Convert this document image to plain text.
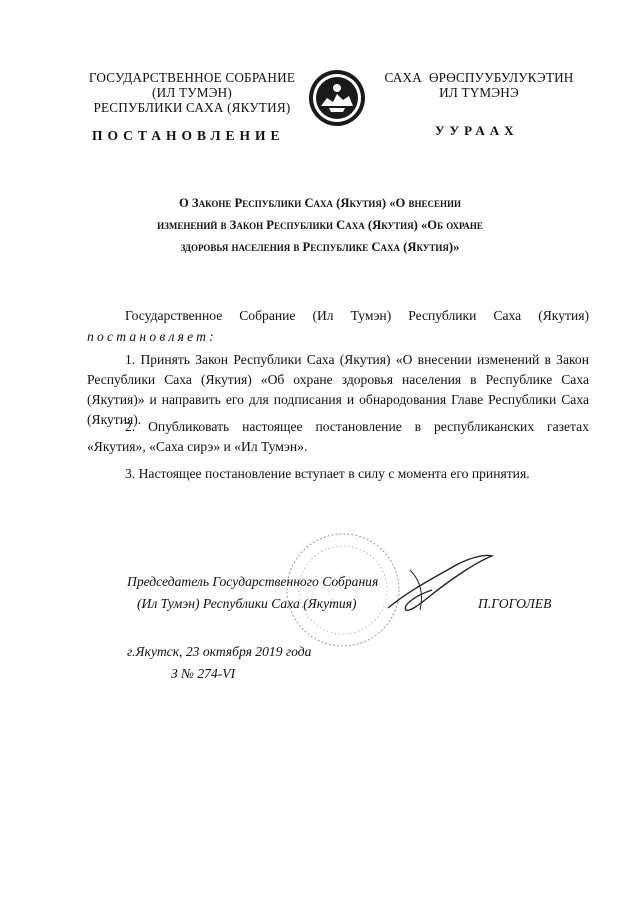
ГОСУДАРСТВЕННОЕ СОБРАНИЕ
(ИЛ ТУМЭН)
РЕСПУБЛИКИ САХА (ЯКУТИЯ)
САХА  ӨРӨСПУУБУЛУКЭТИН
ИЛ ТҮМЭНЭ
ПОСТАНОВЛЕНИЕ	УУРААХ
О Законе Республики Саха (Якутия) «О внесении
изменений в Закон Республики Саха (Якутия) «Об охране
здоровья населения в Республике Саха (Якутия)»
Государственное Собрание (Ил Тумэн) Республики Саха (Якутия)
постановляет:
1. Принять Закон Республики Саха (Якутия) «О внесении изменений в Закон Республики Саха (Якутия) «Об охране здоровья населения в Республике Саха (Якутия)» и направить его для подписания и обнародования Главе Республики Саха (Якутия).
2. Опубликовать настоящее постановление в республиканских газетах «Якутия», «Саха сирэ» и «Ил Тумэн».
3. Настоящее постановление вступает в силу с момента его принятия.
Председатель Государственного Собрания
(Ил Тумэн) Республики Саха (Якутия)	П.ГОГОЛЕВ
г.Якутск, 23 октября 2019 года
З № 274-VI
